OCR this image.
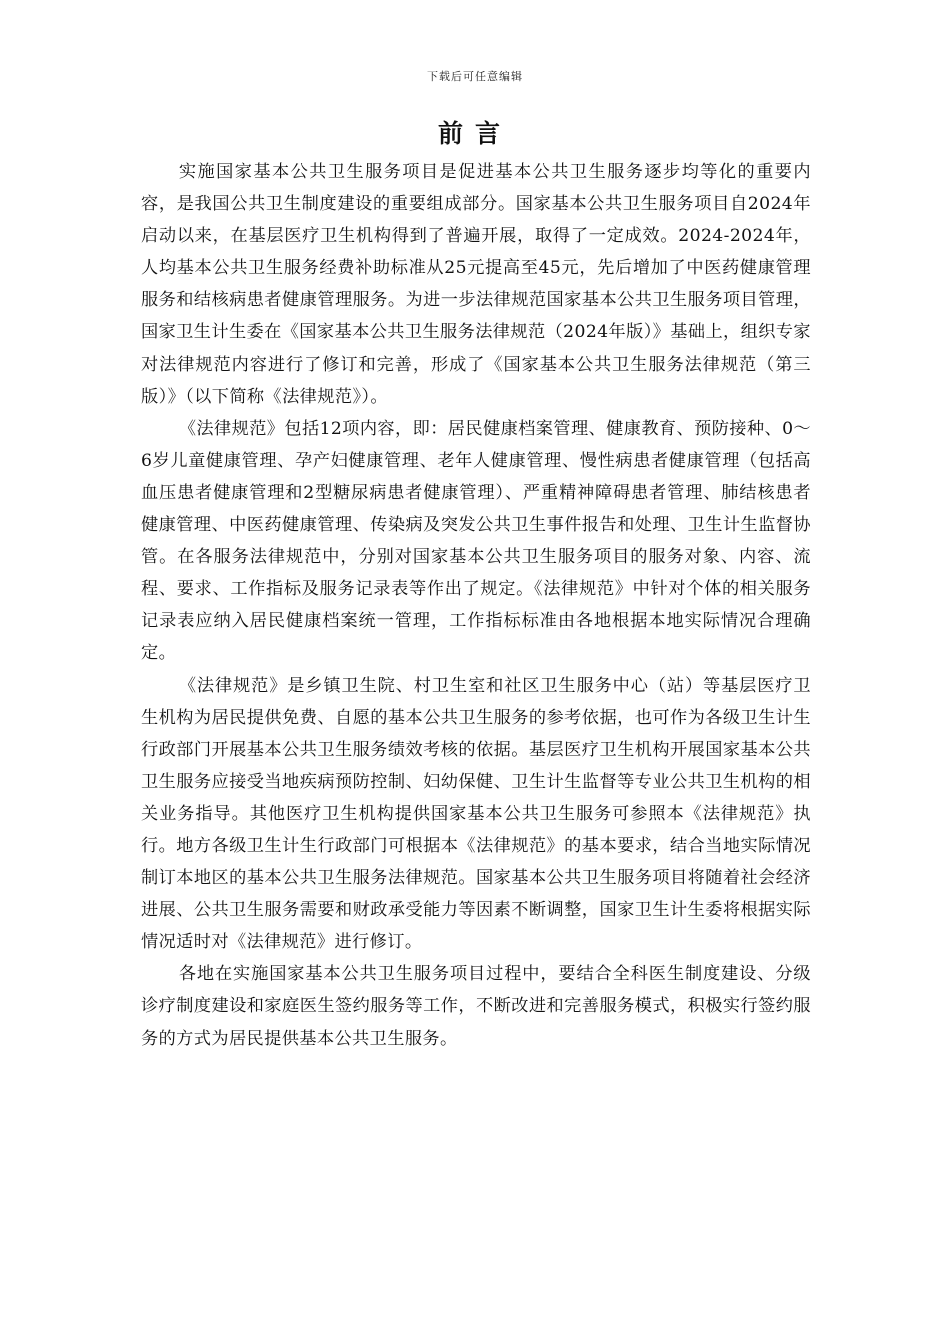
下载后可任意编辑
前言

实施国家基本公共卫生服务项目是促进基本公共卫生服务逐步均等化的重要内容，是我国公共卫生制度建设的重要组成部分。国家基本公共卫生服务项目自2024年启动以来，在基层医疗卫生机构得到了普遍开展，取得了一定成效。2024-2024年，人均基本公共卫生服务经费补助标准从25元提高至45元，先后增加了中医药健康管理服务和结核病患者健康管理服务。为进一步法律规范国家基本公共卫生服务项目管理，国家卫生计生委在《国家基本公共卫生服务法律规范（2024年版）》基础上，组织专家对法律规范内容进行了修订和完善，形成了《国家基本公共卫生服务法律规范（第三版）》（以下简称《法律规范》）。

《法律规范》包括12项内容，即：居民健康档案管理、健康教育、预防接种、0～6岁儿童健康管理、孕产妇健康管理、老年人健康管理、慢性病患者健康管理（包括高血压患者健康管理和2型糖尿病患者健康管理）、严重精神障碍患者管理、肺结核患者健康管理、中医药健康管理、传染病及突发公共卫生事件报告和处理、卫生计生监督协管。在各服务法律规范中，分别对国家基本公共卫生服务项目的服务对象、内容、流程、要求、工作指标及服务记录表等作出了规定。《法律规范》中针对个体的相关服务记录表应纳入居民健康档案统一管理，工作指标标准由各地根据本地实际情况合理确定。

《法律规范》是乡镇卫生院、村卫生室和社区卫生服务中心（站）等基层医疗卫生机构为居民提供免费、自愿的基本公共卫生服务的参考依据，也可作为各级卫生计生行政部门开展基本公共卫生服务绩效考核的依据。基层医疗卫生机构开展国家基本公共卫生服务应接受当地疾病预防控制、妇幼保健、卫生计生监督等专业公共卫生机构的相关业务指导。其他医疗卫生机构提供国家基本公共卫生服务可参照本《法律规范》执行。地方各级卫生计生行政部门可根据本《法律规范》的基本要求，结合当地实际情况制订本地区的基本公共卫生服务法律规范。国家基本公共卫生服务项目将随着社会经济进展、公共卫生服务需要和财政承受能力等因素不断调整，国家卫生计生委将根据实际情况适时对《法律规范》进行修订。

各地在实施国家基本公共卫生服务项目过程中，要结合全科医生制度建设、分级诊疗制度建设和家庭医生签约服务等工作，不断改进和完善服务模式，积极实行签约服务的方式为居民提供基本公共卫生服务。
